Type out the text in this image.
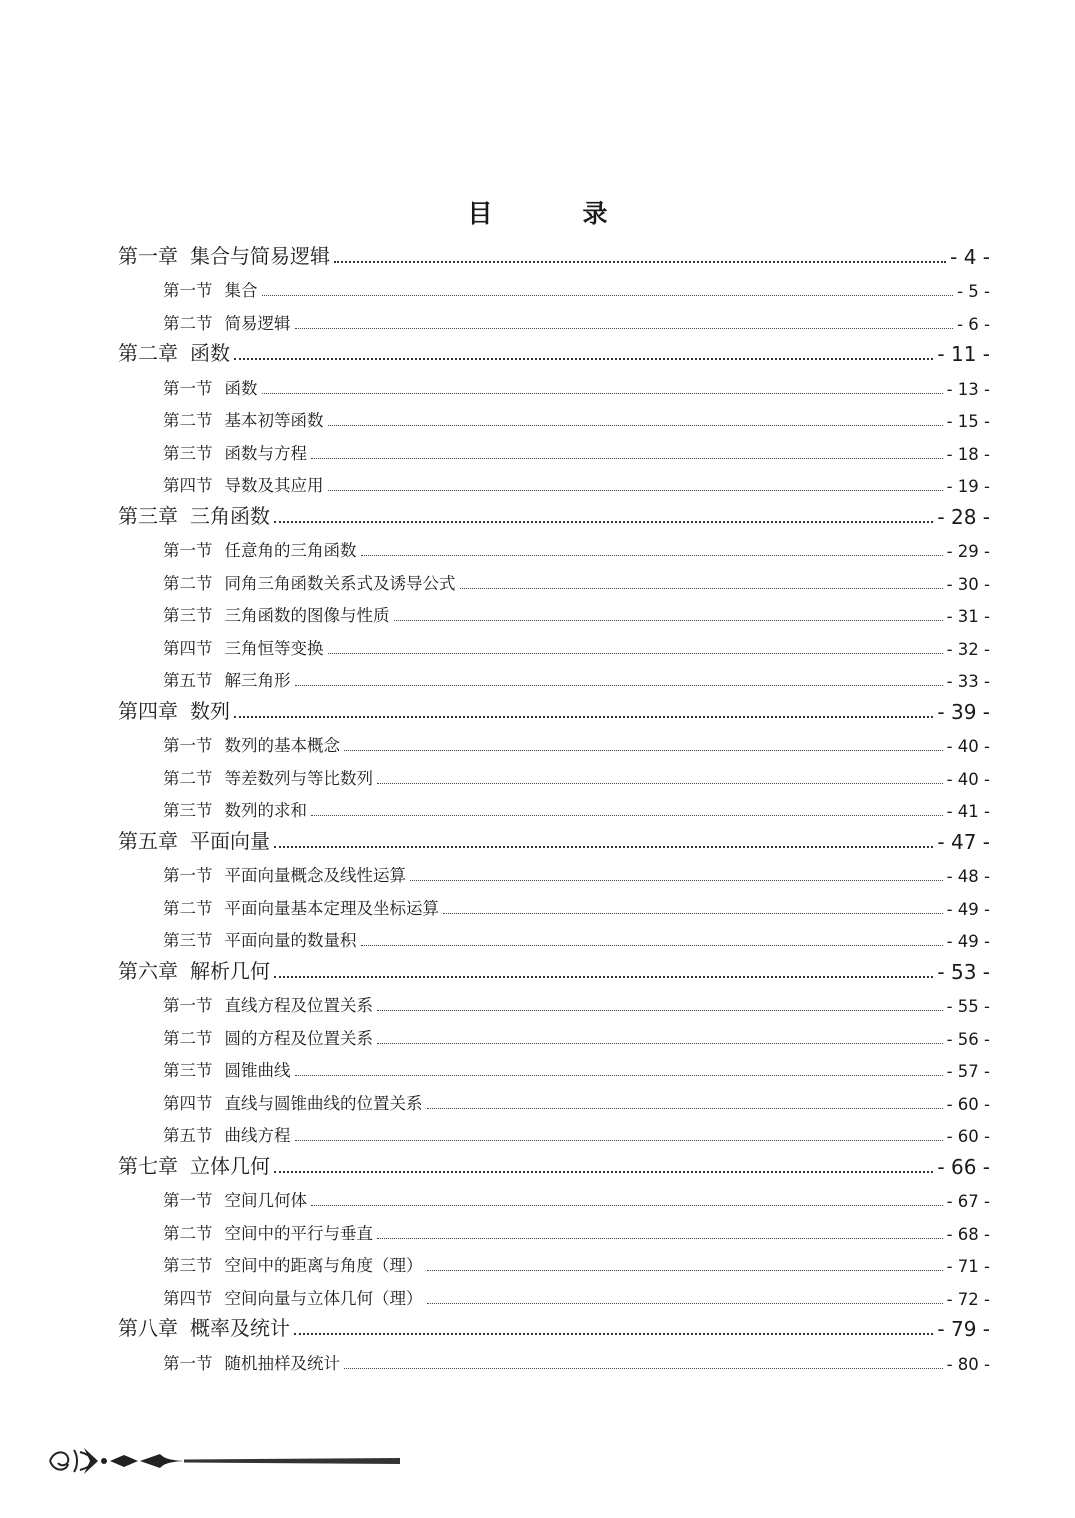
目	录
第一章 集合与简易逻辑	- 4 -
第一节 集合	- 5 -
第二节 简易逻辑	- 6 -
第二章 函数	- 11 -
第一节 函数	- 13 -
第二节 基本初等函数	- 15 -
第三节 函数与方程	- 18 -
第四节 导数及其应用	- 19 -
第三章 三角函数	- 28 -
第一节 任意角的三角函数	- 29 -
第二节 同角三角函数关系式及诱导公式	- 30 -
第三节 三角函数的图像与性质	- 31 -
第四节 三角恒等变换	- 32 -
第五节 解三角形	- 33 -
第四章 数列	- 39 -
第一节 数列的基本概念	- 40 -
第二节 等差数列与等比数列	- 40 -
第三节 数列的求和	- 41 -
第五章 平面向量	- 47 -
第一节 平面向量概念及线性运算	- 48 -
第二节 平面向量基本定理及坐标运算	- 49 -
第三节 平面向量的数量积	- 49 -
第六章 解析几何	- 53 -
第一节 直线方程及位置关系	- 55 -
第二节 圆的方程及位置关系	- 56 -
第三节 圆锥曲线	- 57 -
第四节 直线与圆锥曲线的位置关系	- 60 -
第五节 曲线方程	- 60 -
第七章 立体几何	- 66 -
第一节 空间几何体	- 67 -
第二节 空间中的平行与垂直	- 68 -
第三节 空间中的距离与角度（理）	- 71 -
第四节 空间向量与立体几何（理）	- 72 -
第八章 概率及统计	- 79 -
第一节 随机抽样及统计	- 80 -
